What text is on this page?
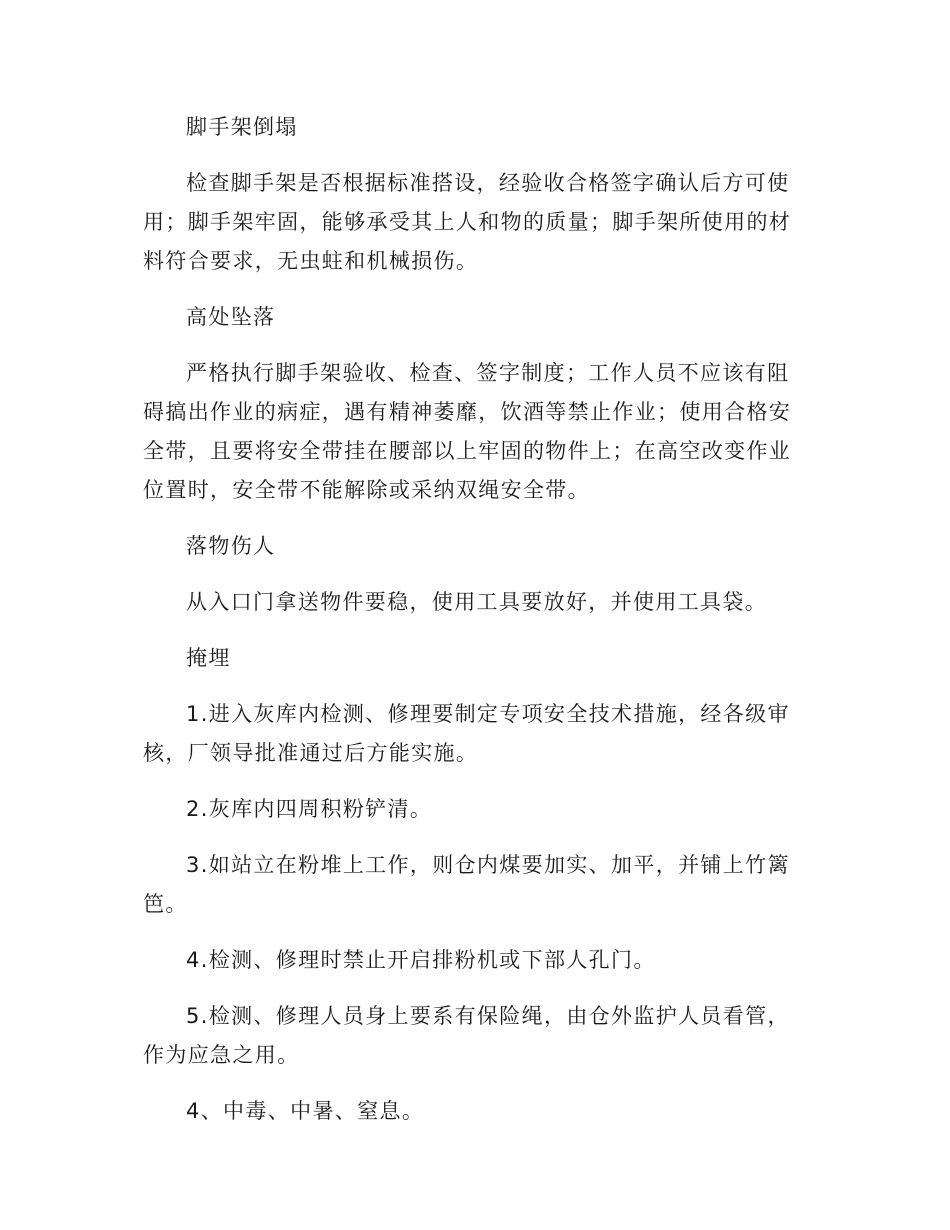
脚手架倒塌

检查脚手架是否根据标准搭设，经验收合格签字确认后方可使用；脚手架牢固，能够承受其上人和物的质量；脚手架所使用的材料符合要求，无虫蛀和机械损伤。

高处坠落

严格执行脚手架验收、检查、签字制度；工作人员不应该有阻碍搞出作业的病症，遇有精神萎靡，饮酒等禁止作业；使用合格安全带，且要将安全带挂在腰部以上牢固的物件上；在高空改变作业位置时，安全带不能解除或采纳双绳安全带。

落物伤人

从入口门拿送物件要稳，使用工具要放好，并使用工具袋。

掩埋

1.进入灰库内检测、修理要制定专项安全技术措施，经各级审核，厂领导批准通过后方能实施。

2.灰库内四周积粉铲清。

3.如站立在粉堆上工作，则仓内煤要加实、加平，并铺上竹篱笆。

4.检测、修理时禁止开启排粉机或下部人孔门。

5.检测、修理人员身上要系有保险绳，由仓外监护人员看管，作为应急之用。

4、中毒、中暑、窒息。
